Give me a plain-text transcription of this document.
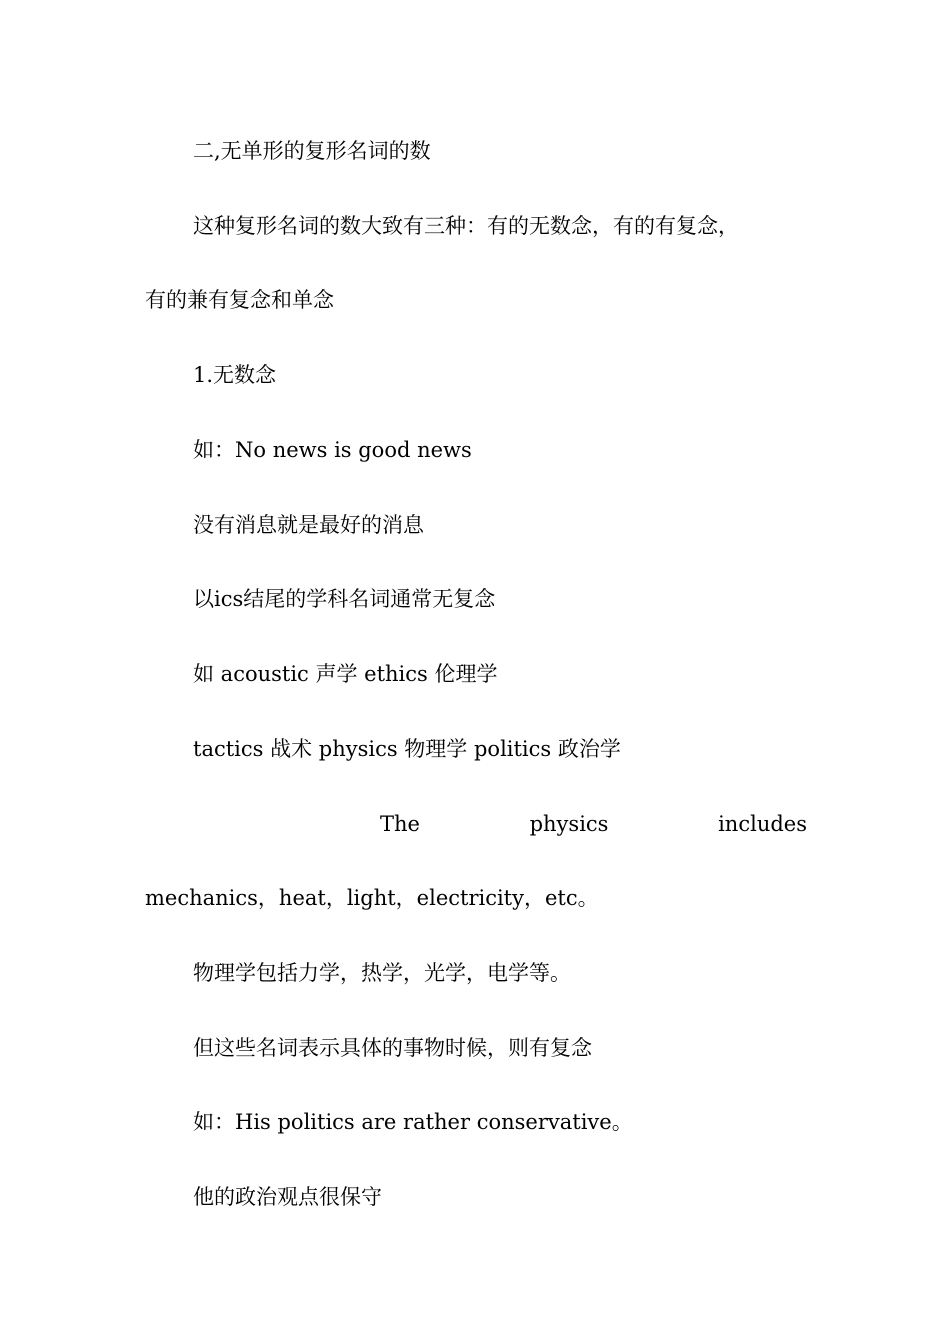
二,无单形的复形名词的数
这种复形名词的数大致有三种：有的无数念，有的有复念，
有的兼有复念和单念
1.无数念
如：No news is good news
没有消息就是最好的消息
以ics结尾的学科名词通常无复念
如 acoustic 声学 ethics 伦理学
tactics 战术 physics 物理学 politics 政治学
The	physics	includes
mechanics，heat，light，electricity，etc。
物理学包括力学，热学，光学，电学等。
但这些名词表示具体的事物时候，则有复念
如：His politics are rather conservative。
他的政治观点很保守
